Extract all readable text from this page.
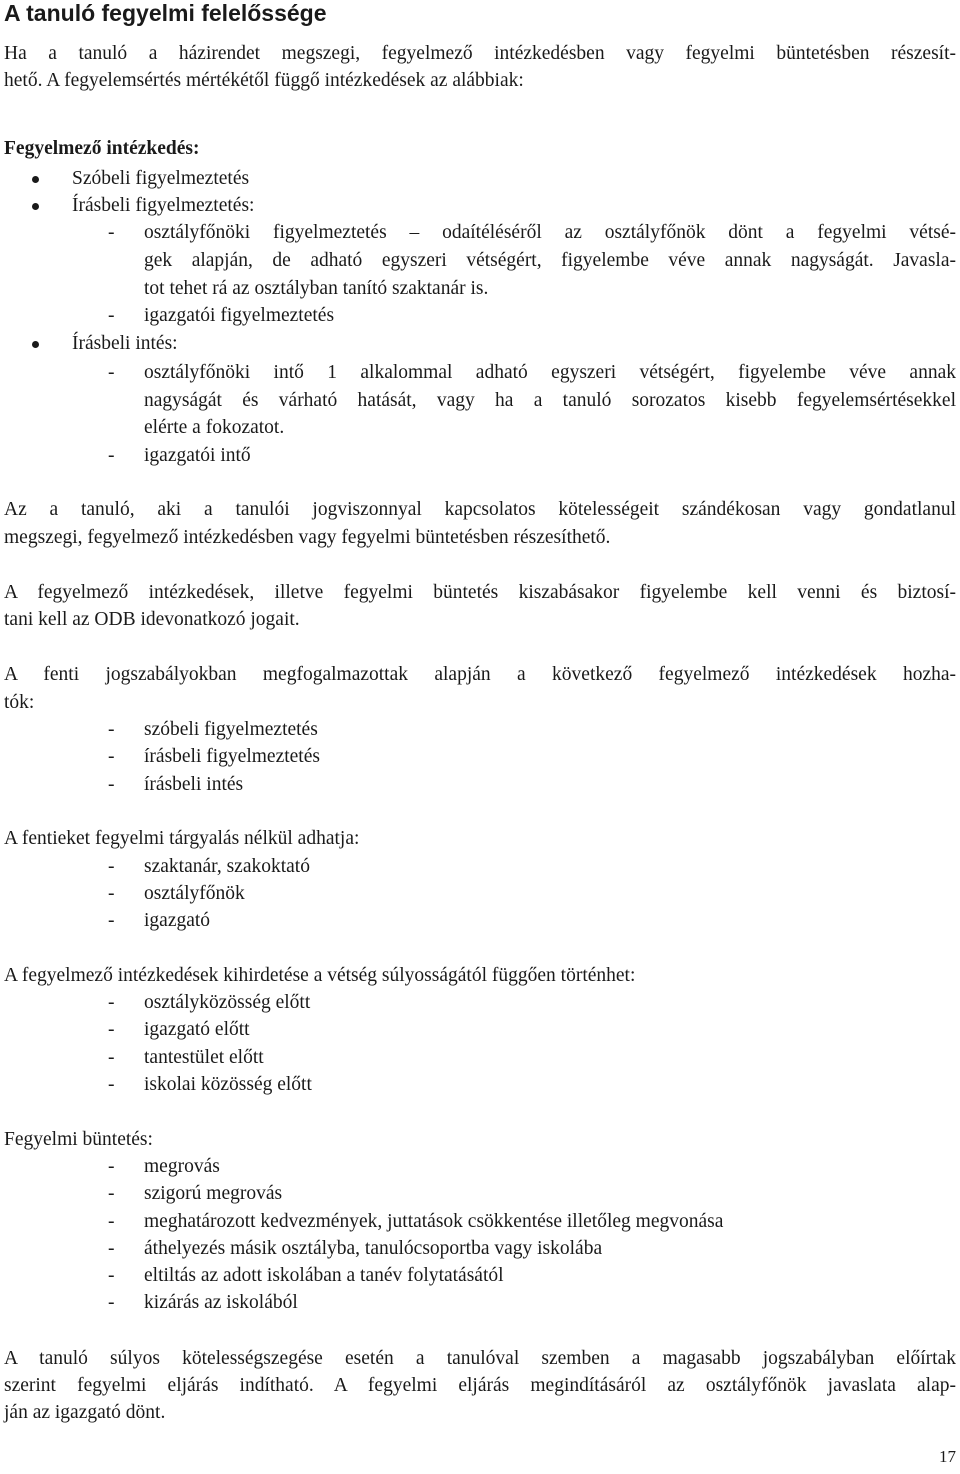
A tanuló fegyelmi felelőssége
Ha a tanuló a házirendet megszegi, fegyelmező intézkedésben vagy fegyelmi büntetésben részesít-
hető. A fegyelemsértés mértékétől függő intézkedések az alábbiak:
Fegyelmező intézkedés:
Szóbeli figyelmeztetés
Írásbeli figyelmeztetés:
- osztályfőnöki figyelmeztetés – odaítéléséről az osztályfőnök dönt a fegyelmi vétsé-
gek alapján, de adható egyszeri vétségért, figyelembe véve annak nagyságát. Javasla-
tot tehet rá az osztályban tanító szaktanár is.
- igazgatói figyelmeztetés
Írásbeli intés:
- osztályfőnöki intő 1 alkalommal adható egyszeri vétségért, figyelembe véve annak
nagyságát és várható hatását, vagy ha a tanuló sorozatos kisebb fegyelemsértésekkel
elérte a fokozatot.
- igazgatói intő
Az a tanuló, aki a tanulói jogviszonnyal kapcsolatos kötelességeit szándékosan vagy gondatlanul
megszegi, fegyelmező intézkedésben vagy fegyelmi büntetésben részesíthető.
A fegyelmező intézkedések, illetve fegyelmi büntetés kiszabásakor figyelembe kell venni és biztosí-
tani kell az ODB idevonatkozó jogait.
A fenti jogszabályokban megfogalmazottak alapján a következő fegyelmező intézkedések hozha-
tók:
- szóbeli figyelmeztetés
- írásbeli figyelmeztetés
- írásbeli intés
A fentieket fegyelmi tárgyalás nélkül adhatja:
- szaktanár, szakoktató
- osztályfőnök
- igazgató
A fegyelmező intézkedések kihirdetése a vétség súlyosságától függően történhet:
- osztályközösség előtt
- igazgató előtt
- tantestület előtt
- iskolai közösség előtt
Fegyelmi büntetés:
- megrovás
- szigorú megrovás
- meghatározott kedvezmények, juttatások csökkentése illetőleg megvonása
- áthelyezés másik osztályba, tanulócsoportba vagy iskolába
- eltiltás az adott iskolában a tanév folytatásától
- kizárás az iskolából
A tanuló súlyos kötelességszegése esetén a tanulóval szemben a magasabb jogszabályban előírtak
szerint fegyelmi eljárás indítható. A fegyelmi eljárás megindításáról az osztályfőnök javaslata alap-
ján az igazgató dönt.
17
